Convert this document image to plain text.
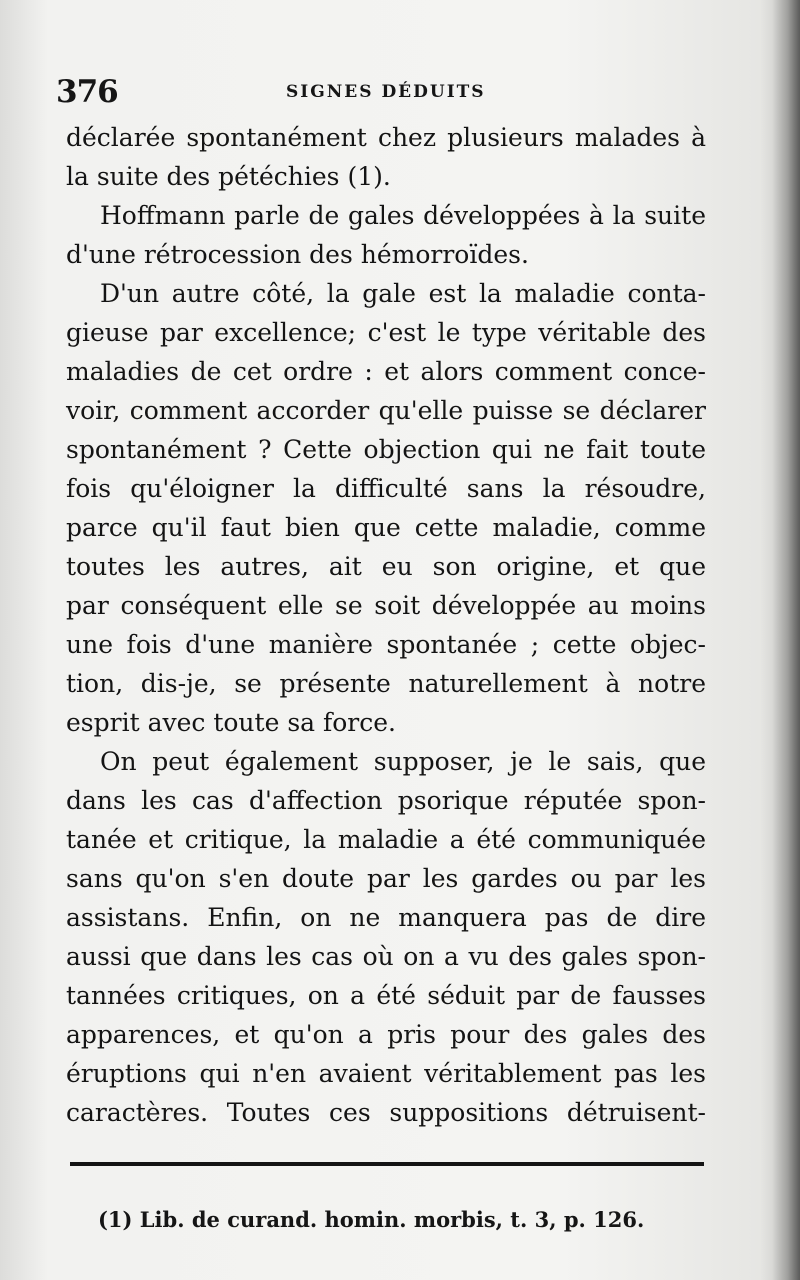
376	SIGNES DÉDUITS
déclarée spontanément chez plusieurs malades à
la suite des pétéchies (1).
Hoffmann parle de gales développées à la suite
d'une rétrocession des hémorroïdes.
D'un autre côté, la gale est la maladie conta-
gieuse par excellence; c'est le type véritable des
maladies de cet ordre : et alors comment conce-
voir, comment accorder qu'elle puisse se déclarer
spontanément ? Cette objection qui ne fait toute
fois qu'éloigner la difficulté sans la résoudre,
parce qu'il faut bien que cette maladie, comme
toutes les autres, ait eu son origine, et que
par conséquent elle se soit développée au moins
une fois d'une manière spontanée ; cette objec-
tion, dis-je, se présente naturellement à notre
esprit avec toute sa force.
On peut également supposer, je le sais, que
dans les cas d'affection psorique réputée spon-
tanée et critique, la maladie a été communiquée
sans qu'on s'en doute par les gardes ou par les
assistans. Enfin, on ne manquera pas de dire
aussi que dans les cas où on a vu des gales spon-
tannées critiques, on a été séduit par de fausses
apparences, et qu'on a pris pour des gales des
éruptions qui n'en avaient véritablement pas les
caractères. Toutes ces suppositions détruisent-
(1) Lib. de curand. homin. morbis, t. 3, p. 126.
